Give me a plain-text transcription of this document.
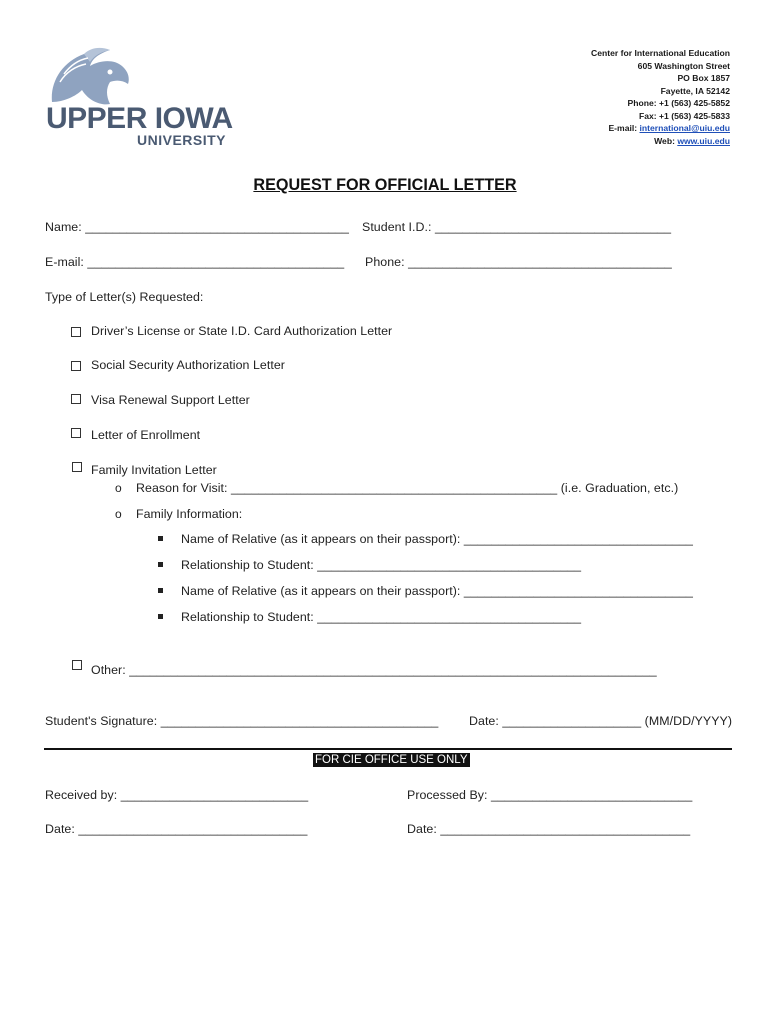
UPPER IOWA
UNIVERSITY
Center for International Education
605 Washington Street
PO Box 1857
Fayette, IA 52142
Phone: +1 (563) 425-5852
Fax: +1 (563) 425-5833
E-mail: international@uiu.edu
Web: www.uiu.edu
REQUEST FOR OFFICIAL LETTER
Name: ______________________________________ Student I.D.: __________________________________
E-mail: _____________________________________ Phone: ______________________________________
Type of Letter(s) Requested:
Driver’s License or State I.D. Card Authorization Letter
Social Security Authorization Letter
Visa Renewal Support Letter
Letter of Enrollment
Family Invitation Letter
o Reason for Visit: _______________________________________________ (i.e. Graduation, etc.)
o Family Information:
Name of Relative (as it appears on their passport): _________________________________
Relationship to Student: ______________________________________
Name of Relative (as it appears on their passport): _________________________________
Relationship to Student: ______________________________________
Other: ____________________________________________________________________________
Student's Signature: ________________________________________ Date: ____________________ (MM/DD/YYYY)
FOR CIE OFFICE USE ONLY
Received by: ___________________________	Processed By: _____________________________
Date: _________________________________	Date: ____________________________________
